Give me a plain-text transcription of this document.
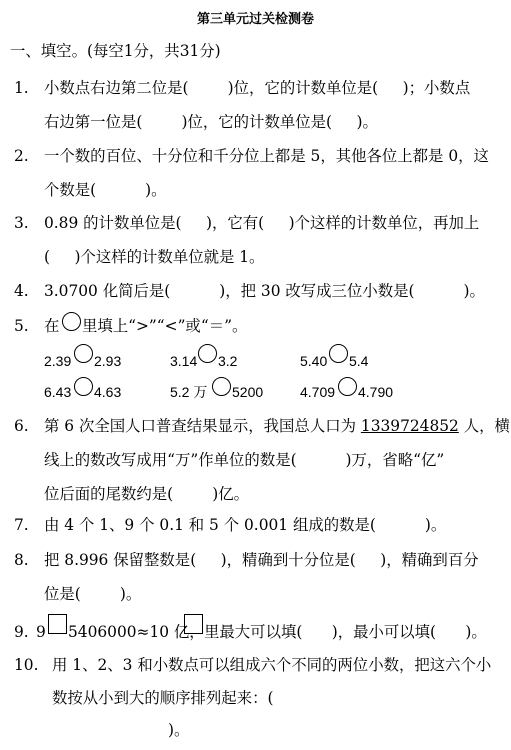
第三单元过关检测卷
一、填空。(每空1分，共31分)
1. 小数点右边第二位是(        )位，它的计数单位是(     )；小数点
右边第一位是(        )位，它的计数单位是(     )。
2. 一个数的百位、十分位和千分位上都是 5，其他各位上都是 0，这
个数是(          )。
3. 0.89 的计数单位是(     )，它有(     )个这样的计数单位，再加上
(     )个这样的计数单位就是 1。
4. 3.0700 化简后是(          )，把 30 改写成三位小数是(          )。
5. 在 里填上“>”“<”或“＝”。
2.39 2.93	3.14 3.2	5.40 5.4
6.43 4.63	5.2 万 5200	4.709 4.790
6. 第 6 次全国人口普查结果显示，我国总人口为 1339724852 人，横
线上的数改写成用“万”作单位的数是(          )万，省略“亿”
位后面的尾数约是(        )亿。
7. 由 4 个 1、9 个 0.1 和 5 个 0.001 组成的数是(          )。
8. 把 8.996 保留整数是(     )，精确到十分位是(     )，精确到百分
位是(        )。
9. 9 5406000≈10 亿， 里最大可以填(      )，最小可以填(      )。
10. 用 1、2、3 和小数点可以组成六个不同的两位小数，把这六个小
数按从小到大的顺序排列起来：(
)。
